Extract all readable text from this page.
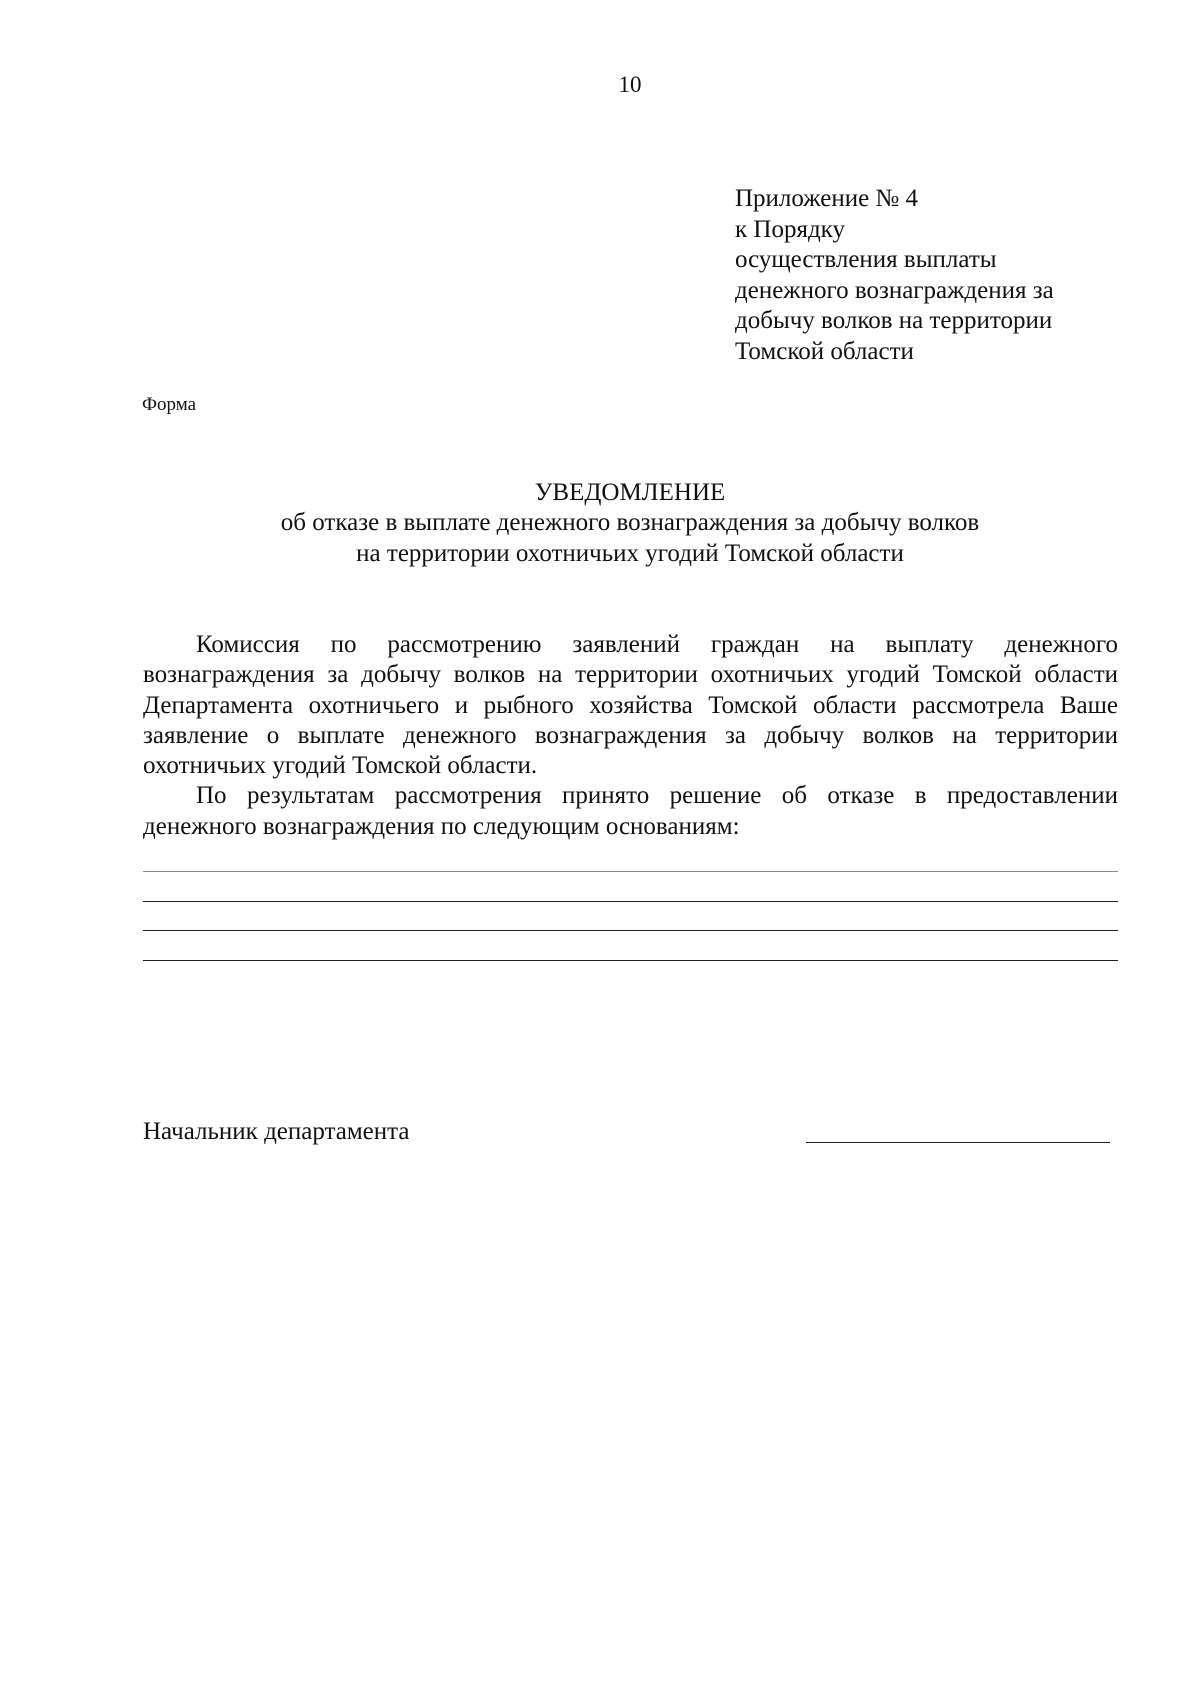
10
Приложение № 4
к Порядку
осуществления выплаты
денежного вознаграждения за
добычу волков на территории
Томской области
Форма
УВЕДОМЛЕНИЕ
об отказе в выплате денежного вознаграждения за добычу волков
на территории охотничьих угодий Томской области

Комиссия по рассмотрению заявлений граждан на выплату денежного вознаграждения за добычу волков на территории охотничьих угодий Томской области Департамента охотничьего и рыбного хозяйства Томской области рассмотрела Ваше заявление о выплате денежного вознаграждения за добычу волков на территории охотничьих угодий Томской области.

По результатам рассмотрения принято решение об отказе в предоставлении денежного вознаграждения по следующим основаниям:

Начальник департамента
